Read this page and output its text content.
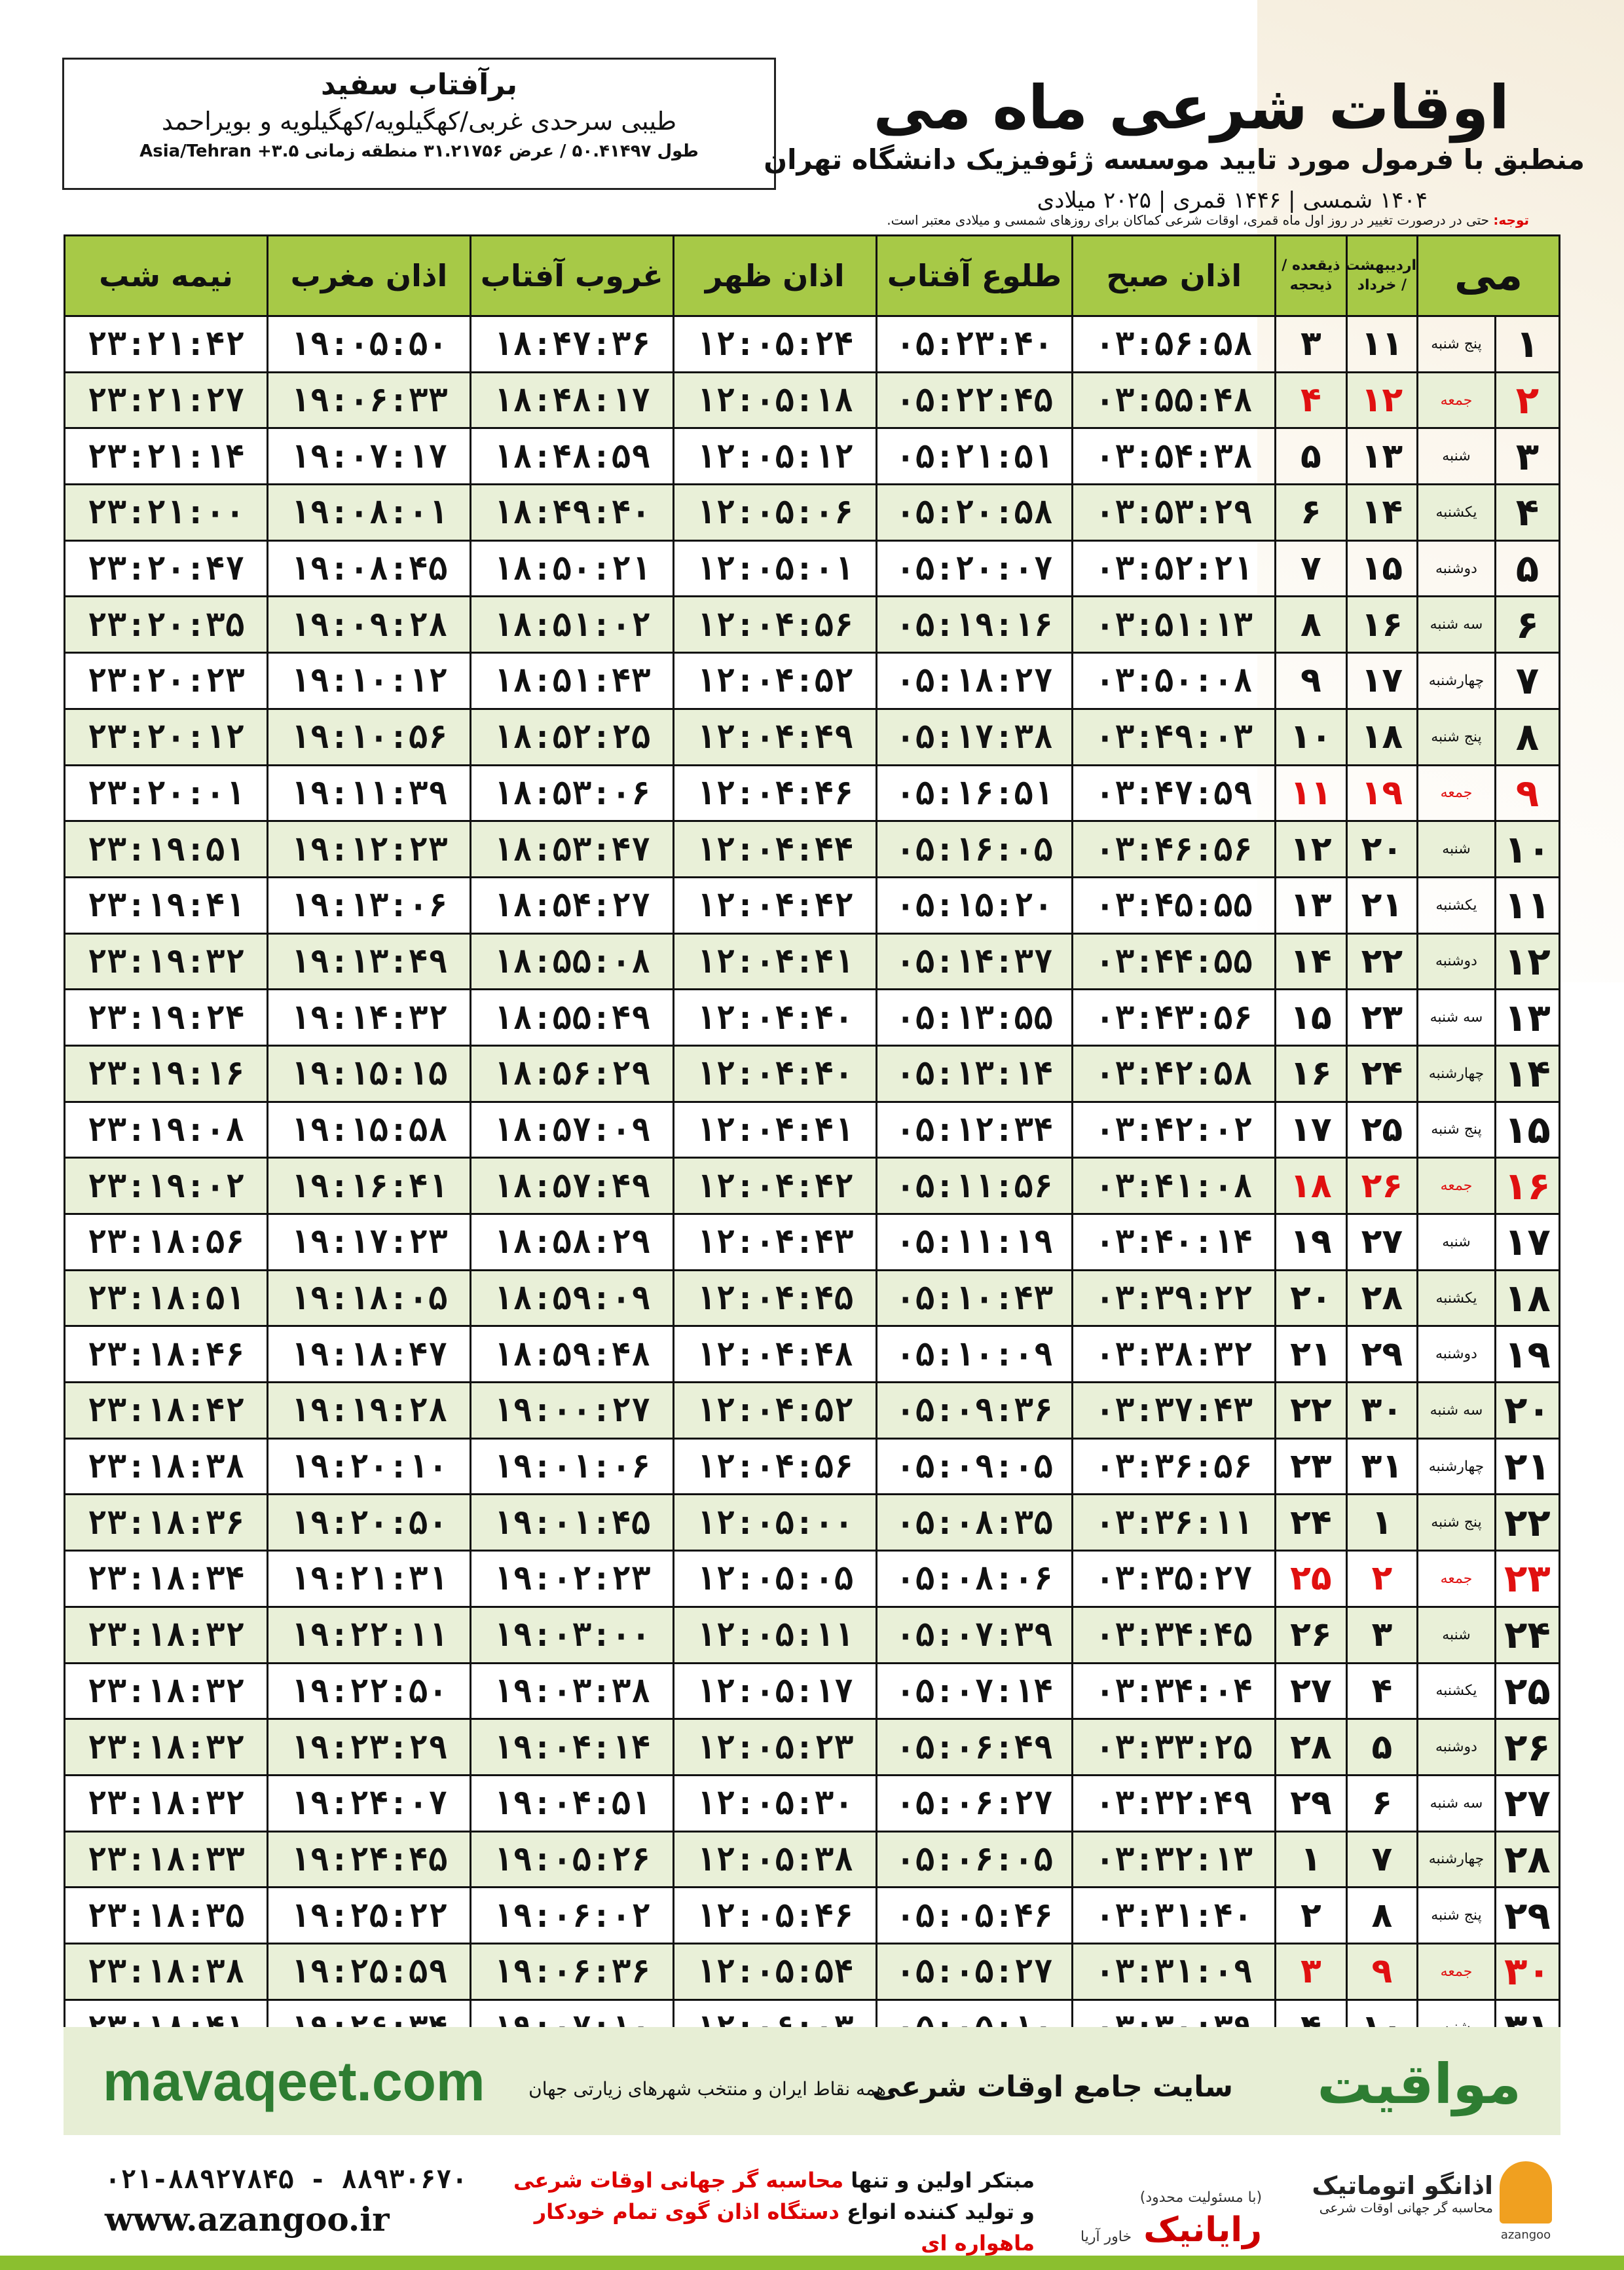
برآفتاب سفید
طیبی سرحدی غربی/کهگیلویه/کهگیلویه و بویراحمد
طول ۵۰.۴۱۴۹۷ / عرض ۳۱.۲۱۷۵۶ منطقه زمانی ۳.۵+ Asia/Tehran
اوقات شرعی ماه می
منطبق با فرمول مورد تایید موسسه ژئوفیزیک دانشگاه تهران
۱۴۰۴ شمسی | ۱۴۴۶ قمری | ۲۰۲۵ میلادی
توجه: حتی در درصورت تغییر در روز اول ماه قمری، اوقات شرعی کماکان برای روزهای شمسی و میلادی معتبر است.
می		اردیبهشت / خرداد	ذیقعده / ذیحجه	اذان صبح	طلوع آفتاب	اذان ظهر	غروب آفتاب	اذان مغرب	نیمه شب
۱	پنج شنبه	۱۱	۳	۰۳:۵۶:۵۸	۰۵:۲۳:۴۰	۱۲:۰۵:۲۴	۱۸:۴۷:۳۶	۱۹:۰۵:۵۰	۲۳:۲۱:۴۲
۲	جمعه	۱۲	۴	۰۳:۵۵:۴۸	۰۵:۲۲:۴۵	۱۲:۰۵:۱۸	۱۸:۴۸:۱۷	۱۹:۰۶:۳۳	۲۳:۲۱:۲۷
۳	شنبه	۱۳	۵	۰۳:۵۴:۳۸	۰۵:۲۱:۵۱	۱۲:۰۵:۱۲	۱۸:۴۸:۵۹	۱۹:۰۷:۱۷	۲۳:۲۱:۱۴
۴	یکشنبه	۱۴	۶	۰۳:۵۳:۲۹	۰۵:۲۰:۵۸	۱۲:۰۵:۰۶	۱۸:۴۹:۴۰	۱۹:۰۸:۰۱	۲۳:۲۱:۰۰
۵	دوشنبه	۱۵	۷	۰۳:۵۲:۲۱	۰۵:۲۰:۰۷	۱۲:۰۵:۰۱	۱۸:۵۰:۲۱	۱۹:۰۸:۴۵	۲۳:۲۰:۴۷
۶	سه شنبه	۱۶	۸	۰۳:۵۱:۱۳	۰۵:۱۹:۱۶	۱۲:۰۴:۵۶	۱۸:۵۱:۰۲	۱۹:۰۹:۲۸	۲۳:۲۰:۳۵
۷	چهارشنبه	۱۷	۹	۰۳:۵۰:۰۸	۰۵:۱۸:۲۷	۱۲:۰۴:۵۲	۱۸:۵۱:۴۳	۱۹:۱۰:۱۲	۲۳:۲۰:۲۳
۸	پنج شنبه	۱۸	۱۰	۰۳:۴۹:۰۳	۰۵:۱۷:۳۸	۱۲:۰۴:۴۹	۱۸:۵۲:۲۵	۱۹:۱۰:۵۶	۲۳:۲۰:۱۲
۹	جمعه	۱۹	۱۱	۰۳:۴۷:۵۹	۰۵:۱۶:۵۱	۱۲:۰۴:۴۶	۱۸:۵۳:۰۶	۱۹:۱۱:۳۹	۲۳:۲۰:۰۱
۱۰	شنبه	۲۰	۱۲	۰۳:۴۶:۵۶	۰۵:۱۶:۰۵	۱۲:۰۴:۴۴	۱۸:۵۳:۴۷	۱۹:۱۲:۲۳	۲۳:۱۹:۵۱
۱۱	یکشنبه	۲۱	۱۳	۰۳:۴۵:۵۵	۰۵:۱۵:۲۰	۱۲:۰۴:۴۲	۱۸:۵۴:۲۷	۱۹:۱۳:۰۶	۲۳:۱۹:۴۱
۱۲	دوشنبه	۲۲	۱۴	۰۳:۴۴:۵۵	۰۵:۱۴:۳۷	۱۲:۰۴:۴۱	۱۸:۵۵:۰۸	۱۹:۱۳:۴۹	۲۳:۱۹:۳۲
۱۳	سه شنبه	۲۳	۱۵	۰۳:۴۳:۵۶	۰۵:۱۳:۵۵	۱۲:۰۴:۴۰	۱۸:۵۵:۴۹	۱۹:۱۴:۳۲	۲۳:۱۹:۲۴
۱۴	چهارشنبه	۲۴	۱۶	۰۳:۴۲:۵۸	۰۵:۱۳:۱۴	۱۲:۰۴:۴۰	۱۸:۵۶:۲۹	۱۹:۱۵:۱۵	۲۳:۱۹:۱۶
۱۵	پنج شنبه	۲۵	۱۷	۰۳:۴۲:۰۲	۰۵:۱۲:۳۴	۱۲:۰۴:۴۱	۱۸:۵۷:۰۹	۱۹:۱۵:۵۸	۲۳:۱۹:۰۸
۱۶	جمعه	۲۶	۱۸	۰۳:۴۱:۰۸	۰۵:۱۱:۵۶	۱۲:۰۴:۴۲	۱۸:۵۷:۴۹	۱۹:۱۶:۴۱	۲۳:۱۹:۰۲
۱۷	شنبه	۲۷	۱۹	۰۳:۴۰:۱۴	۰۵:۱۱:۱۹	۱۲:۰۴:۴۳	۱۸:۵۸:۲۹	۱۹:۱۷:۲۳	۲۳:۱۸:۵۶
۱۸	یکشنبه	۲۸	۲۰	۰۳:۳۹:۲۲	۰۵:۱۰:۴۳	۱۲:۰۴:۴۵	۱۸:۵۹:۰۹	۱۹:۱۸:۰۵	۲۳:۱۸:۵۱
۱۹	دوشنبه	۲۹	۲۱	۰۳:۳۸:۳۲	۰۵:۱۰:۰۹	۱۲:۰۴:۴۸	۱۸:۵۹:۴۸	۱۹:۱۸:۴۷	۲۳:۱۸:۴۶
۲۰	سه شنبه	۳۰	۲۲	۰۳:۳۷:۴۳	۰۵:۰۹:۳۶	۱۲:۰۴:۵۲	۱۹:۰۰:۲۷	۱۹:۱۹:۲۸	۲۳:۱۸:۴۲
۲۱	چهارشنبه	۳۱	۲۳	۰۳:۳۶:۵۶	۰۵:۰۹:۰۵	۱۲:۰۴:۵۶	۱۹:۰۱:۰۶	۱۹:۲۰:۱۰	۲۳:۱۸:۳۸
۲۲	پنج شنبه	۱	۲۴	۰۳:۳۶:۱۱	۰۵:۰۸:۳۵	۱۲:۰۵:۰۰	۱۹:۰۱:۴۵	۱۹:۲۰:۵۰	۲۳:۱۸:۳۶
۲۳	جمعه	۲	۲۵	۰۳:۳۵:۲۷	۰۵:۰۸:۰۶	۱۲:۰۵:۰۵	۱۹:۰۲:۲۳	۱۹:۲۱:۳۱	۲۳:۱۸:۳۴
۲۴	شنبه	۳	۲۶	۰۳:۳۴:۴۵	۰۵:۰۷:۳۹	۱۲:۰۵:۱۱	۱۹:۰۳:۰۰	۱۹:۲۲:۱۱	۲۳:۱۸:۳۲
۲۵	یکشنبه	۴	۲۷	۰۳:۳۴:۰۴	۰۵:۰۷:۱۴	۱۲:۰۵:۱۷	۱۹:۰۳:۳۸	۱۹:۲۲:۵۰	۲۳:۱۸:۳۲
۲۶	دوشنبه	۵	۲۸	۰۳:۳۳:۲۵	۰۵:۰۶:۴۹	۱۲:۰۵:۲۳	۱۹:۰۴:۱۴	۱۹:۲۳:۲۹	۲۳:۱۸:۳۲
۲۷	سه شنبه	۶	۲۹	۰۳:۳۲:۴۹	۰۵:۰۶:۲۷	۱۲:۰۵:۳۰	۱۹:۰۴:۵۱	۱۹:۲۴:۰۷	۲۳:۱۸:۳۲
۲۸	چهارشنبه	۷	۱	۰۳:۳۲:۱۳	۰۵:۰۶:۰۵	۱۲:۰۵:۳۸	۱۹:۰۵:۲۶	۱۹:۲۴:۴۵	۲۳:۱۸:۳۳
۲۹	پنج شنبه	۸	۲	۰۳:۳۱:۴۰	۰۵:۰۵:۴۶	۱۲:۰۵:۴۶	۱۹:۰۶:۰۲	۱۹:۲۵:۲۲	۲۳:۱۸:۳۵
۳۰	جمعه	۹	۳	۰۳:۳۱:۰۹	۰۵:۰۵:۲۷	۱۲:۰۵:۵۴	۱۹:۰۶:۳۶	۱۹:۲۵:۵۹	۲۳:۱۸:۳۸

mavaqeet.com همه نقاط ایران و منتخب شهرهای زیارتی جهان
سایت جامع اوقات شرعی مواقیت
۰۲۱-۸۸۹۲۷۸۴۵ - ۸۸۹۳۰۶۷۰
www.azangoo.ir
مبتکر اولین و تنها محاسبه گر جهانی اوقات شرعی
و تولید کننده انواع دستگاه اذان گوی تمام خودکار ماهواره ای
(با مسئولیت محدود)
رایانیک خاور آریا
اذانگو اتوماتیک
محاسبه گر جهانی اوقات شرعی
azangoo
